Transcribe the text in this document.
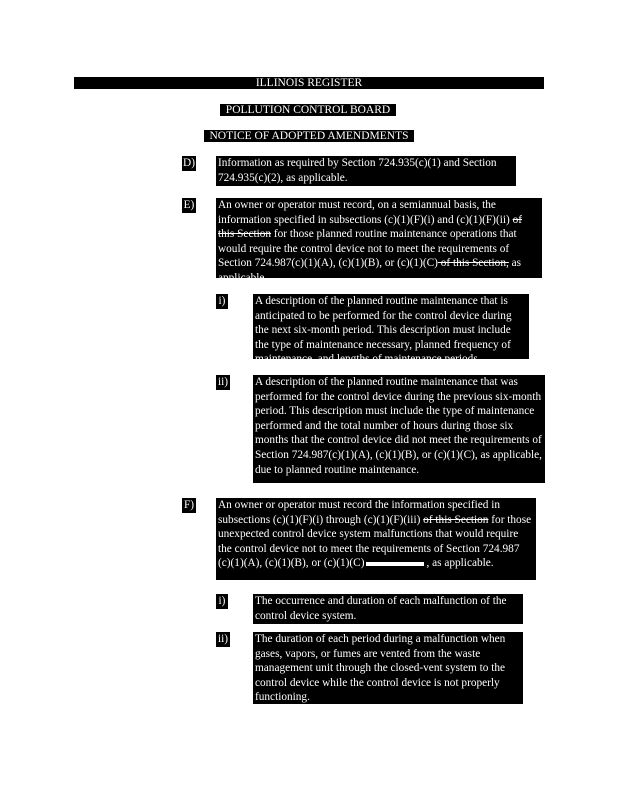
ILLINOIS REGISTER
POLLUTION CONTROL BOARD
NOTICE OF ADOPTED AMENDMENTS
D) Information as required by Section 724.935(c)(1) and Section 724.935(c)(2), as applicable.
E) An owner or operator must record, on a semiannual basis, the information specified in subsections (c)(1)(F)(i) and (c)(1)(F)(ii) of this Section for those planned routine maintenance operations that would require the control device not to meet the requirements of Section 724.987(c)(1)(A), (c)(1)(B), or (c)(1)(C) of this Section, as applicable.
i)	A description of the planned routine maintenance that is anticipated to be performed for the control device during the next six-month period. This description must include the type of maintenance necessary, planned frequency of maintenance, and lengths of maintenance periods.
ii) A description of the planned routine maintenance that was performed for the control device during the previous six-month period. This description must include the type of maintenance performed and the total number of hours during those six months that the control device did not meet the requirements of Section 724.987(c)(1)(A), (c)(1)(B), or (c)(1)(C), as applicable, due to planned routine maintenance.
F) An owner or operator must record the information specified in subsections (c)(1)(F)(i) through (c)(1)(F)(iii) of this Section for those unexpected control device system malfunctions that would require the control device not to meet the requirements of Section 724.987 (c)(1)(A), (c)(1)(B), or (c)(1)(C)	, as applicable.
i)	The occurrence and duration of each malfunction of the control device system.
ii) The duration of each period during a malfunction when gases, vapors, or fumes are vented from the waste management unit through the closed-vent system to the control device while the control device is not properly functioning.
